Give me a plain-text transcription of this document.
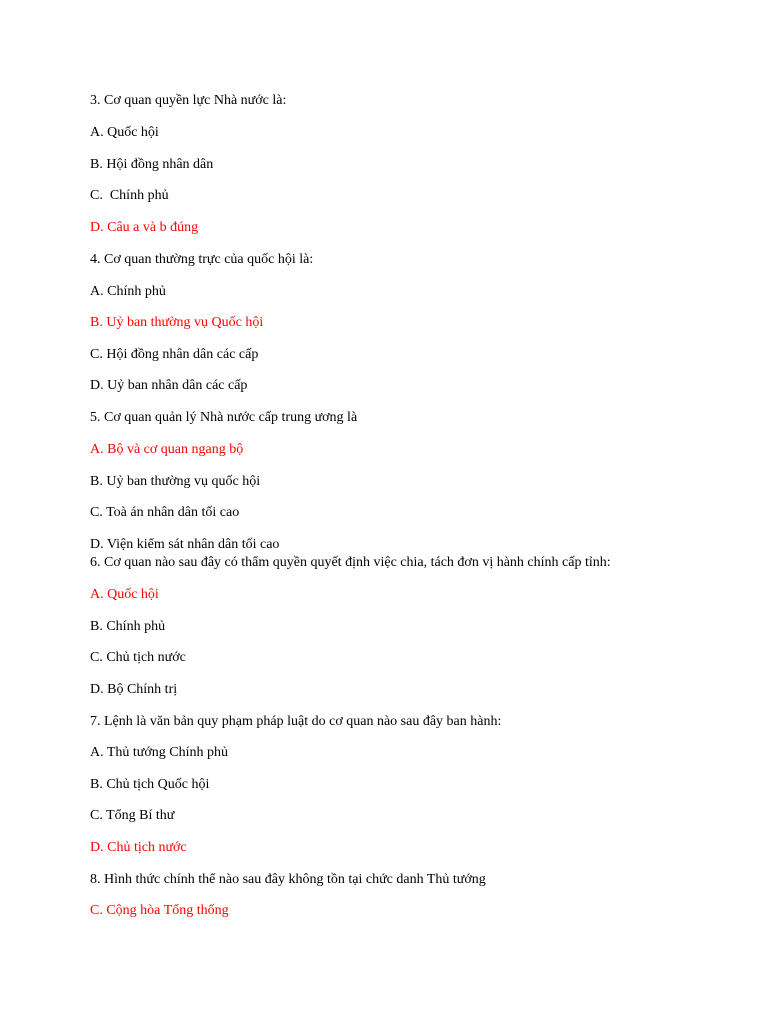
3. Cơ quan quyền lực Nhà nước là:
A. Quốc hội
B. Hội đồng nhân dân
C.  Chính phủ
D. Câu a và b đúng
4. Cơ quan thường trực của quốc hội là:
A. Chính phủ
B. Uỷ ban thường vụ Quốc hội
C. Hội đồng nhân dân các cấp
D. Uỷ ban nhân dân các cấp
5. Cơ quan quản lý Nhà nước cấp trung ương là
A. Bộ và cơ quan ngang bộ
B. Uỷ ban thường vụ quốc hội
C. Toà án nhân dân tối cao
D. Viện kiểm sát nhân dân tối cao
6. Cơ quan nào sau đây có thẩm quyền quyết định việc chia, tách đơn vị hành chính cấp tỉnh:
A. Quốc hội
B. Chính phủ
C. Chủ tịch nước
D. Bộ Chính trị
7. Lệnh là văn bản quy phạm pháp luật do cơ quan nào sau đây ban hành:
A. Thủ tướng Chính phủ
B. Chủ tịch Quốc hội
C. Tổng Bí thư
D. Chủ tịch nước
8. Hình thức chính thể nào sau đây không tồn tại chức danh Thủ tướng
C. Cộng hòa Tổng thống
